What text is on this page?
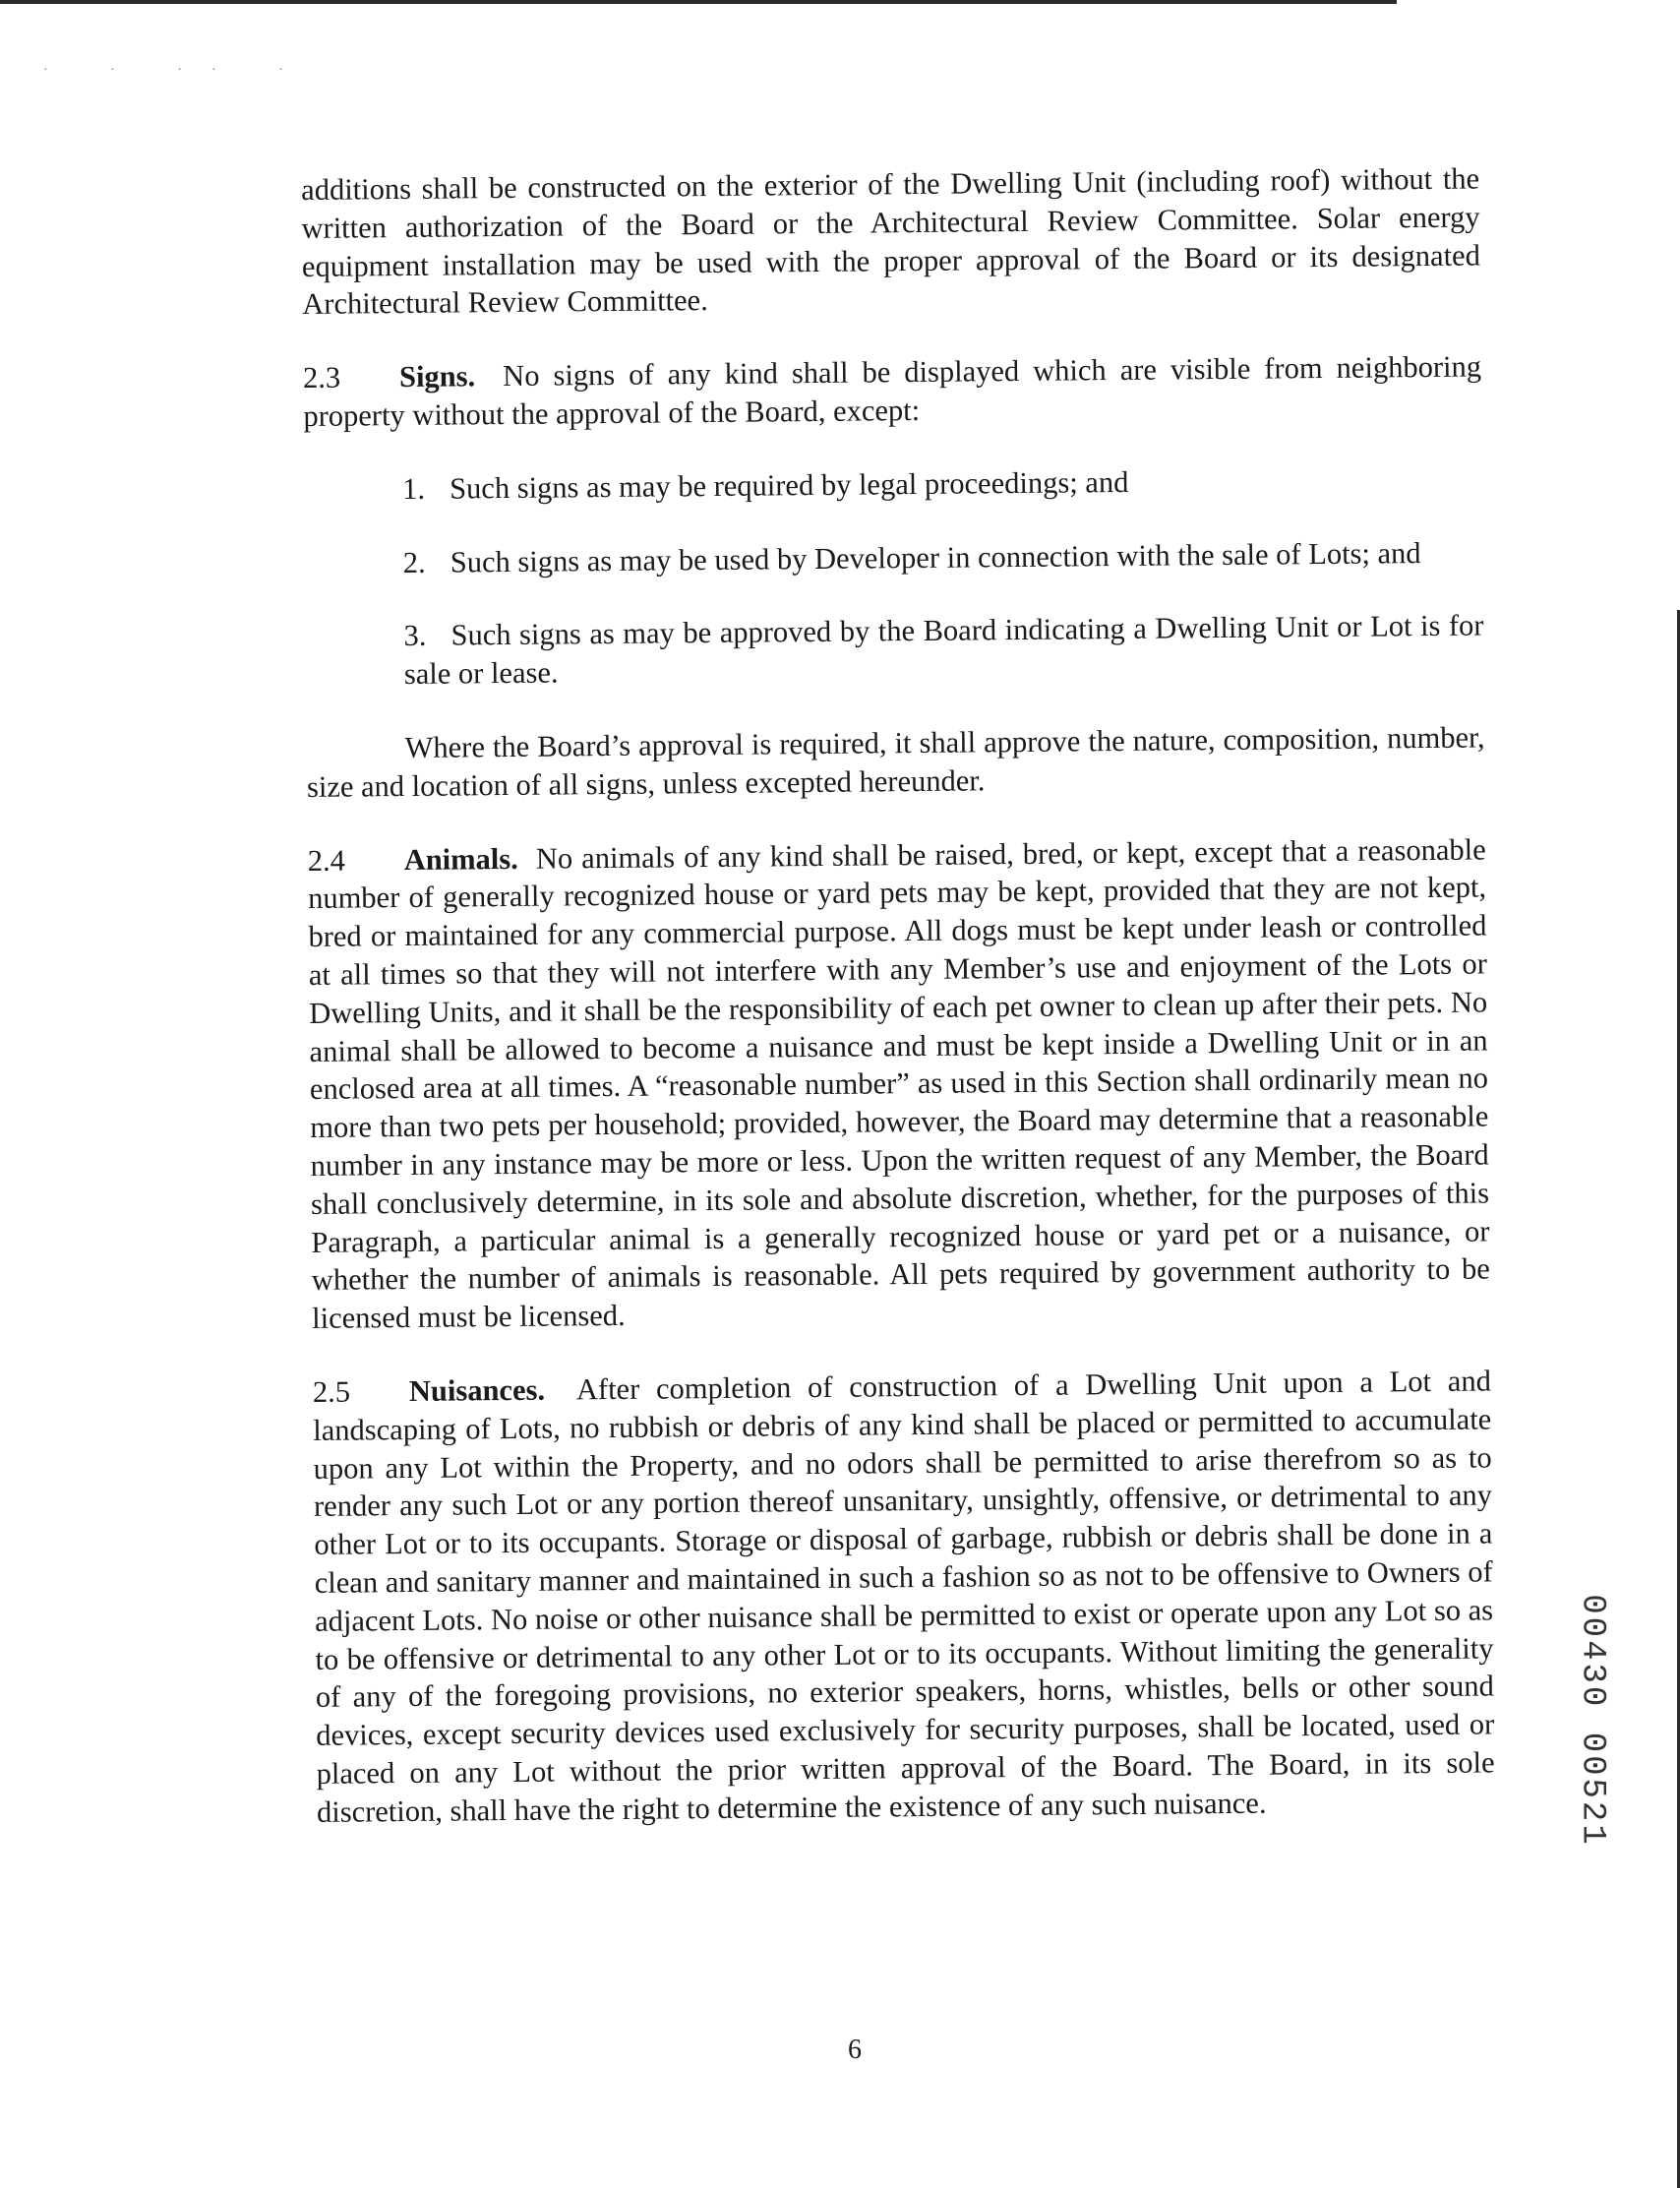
· · ·· ·

additions shall be constructed on the exterior of the Dwelling Unit (including roof) without the written authorization of the Board or the Architectural Review Committee. Solar energy equipment installation may be used with the proper approval of the Board or its designated Architectural Review Committee.

2.3 Signs. No signs of any kind shall be displayed which are visible from neighboring property without the approval of the Board, except:

1. Such signs as may be required by legal proceedings; and

2. Such signs as may be used by Developer in connection with the sale of Lots; and

3. Such signs as may be approved by the Board indicating a Dwelling Unit or Lot is for sale or lease.

Where the Board’s approval is required, it shall approve the nature, composition, number, size and location of all signs, unless excepted hereunder.

2.4 Animals. No animals of any kind shall be raised, bred, or kept, except that a reasonable number of generally recognized house or yard pets may be kept, provided that they are not kept, bred or maintained for any commercial purpose. All dogs must be kept under leash or controlled at all times so that they will not interfere with any Member’s use and enjoyment of the Lots or Dwelling Units, and it shall be the responsibility of each pet owner to clean up after their pets. No animal shall be allowed to become a nuisance and must be kept inside a Dwelling Unit or in an enclosed area at all times. A “reasonable number” as used in this Section shall ordinarily mean no more than two pets per household; provided, however, the Board may determine that a reasonable number in any instance may be more or less. Upon the written request of any Member, the Board shall conclusively determine, in its sole and absolute discretion, whether, for the purposes of this Paragraph, a particular animal is a generally recognized house or yard pet or a nuisance, or whether the number of animals is reasonable. All pets required by government authority to be licensed must be licensed.

2.5 Nuisances. After completion of construction of a Dwelling Unit upon a Lot and landscaping of Lots, no rubbish or debris of any kind shall be placed or permitted to accumulate upon any Lot within the Property, and no odors shall be permitted to arise therefrom so as to render any such Lot or any portion thereof unsanitary, unsightly, offensive, or detrimental to any other Lot or to its occupants. Storage or disposal of garbage, rubbish or debris shall be done in a clean and sanitary manner and maintained in such a fashion so as not to be offensive to Owners of adjacent Lots. No noise or other nuisance shall be permitted to exist or operate upon any Lot so as to be offensive or detrimental to any other Lot or to its occupants. Without limiting the generality of any of the foregoing provisions, no exterior speakers, horns, whistles, bells or other sound devices, except security devices used exclusively for security purposes, shall be located, used or placed on any Lot without the prior written approval of the Board. The Board, in its sole discretion, shall have the right to determine the existence of any such nuisance.

6
00430 00521
